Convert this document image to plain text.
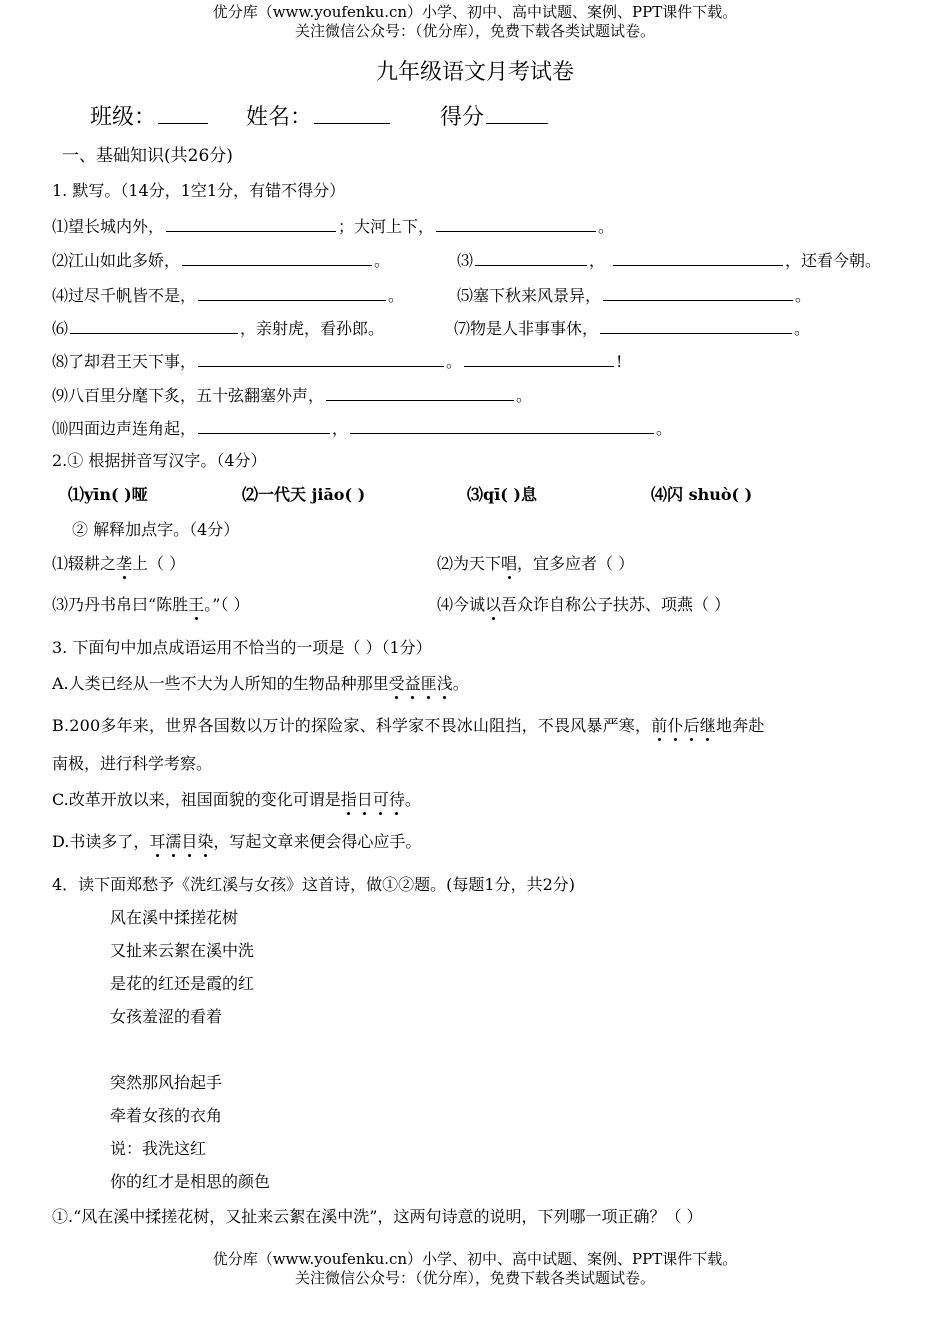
优分库（www.youfenku.cn）小学、初中、高中试题、案例、PPT课件下载。
关注微信公众号：（优分库），免费下载各类试题试卷。
九年级语文月考试卷
班级：	姓名：	得分
一、基础知识(共26分)
1. 默写。（14分，1空1分，有错不得分）
⑴望长城内外，	；大河上下，	。
⑵江山如此多娇，	。	⑶	，	，还看今朝。
⑷过尽千帆皆不是，	。	⑸塞下秋来风景异，	。
⑹	，亲射虎，看孙郎。	⑺物是人非事事休，	。
⑻了却君王天下事，	。	!
⑼八百里分麾下炙，五十弦翻塞外声，	。
⑽四面边声连角起，	，	。
2.① 根据拼音写汉字。（4分）
⑴yīn( )哑	⑵一代天 jiāo( )	⑶qī( )息	⑷闪 shuò( )
② 解释加点字。（4分）
⑴辍耕之垄上（ ）	⑵为天下唱，宜多应者（ ）
⑶乃丹书帛曰“陈胜王。”（ ）	⑷今诚以吾众诈自称公子扶苏、项燕（ ）
3. 下面句中加点成语运用不恰当的一项是（ ）（1分）
A.人类已经从一些不大为人所知的生物品种那里受益匪浅。
B.200多年来，世界各国数以万计的探险家、科学家不畏冰山阻挡，不畏风暴严寒，前仆后继地奔赴
南极，进行科学考察。
C.改革开放以来，祖国面貌的变化可谓是指日可待。
D.书读多了，耳濡目染，写起文章来便会得心应手。
4．读下面郑愁予《洗红溪与女孩》这首诗，做①②题。(每题1分，共2分)
风在溪中揉搓花树
又扯来云絮在溪中洗
是花的红还是霞的红
女孩羞涩的看着
突然那风抬起手
牵着女孩的衣角
说：我洗这红
你的红才是相思的颜色
①.“风在溪中揉搓花树，又扯来云絮在溪中洗”，这两句诗意的说明，下列哪一项正确？（ ）
优分库（www.youfenku.cn）小学、初中、高中试题、案例、PPT课件下载。
关注微信公众号：（优分库），免费下载各类试题试卷。
